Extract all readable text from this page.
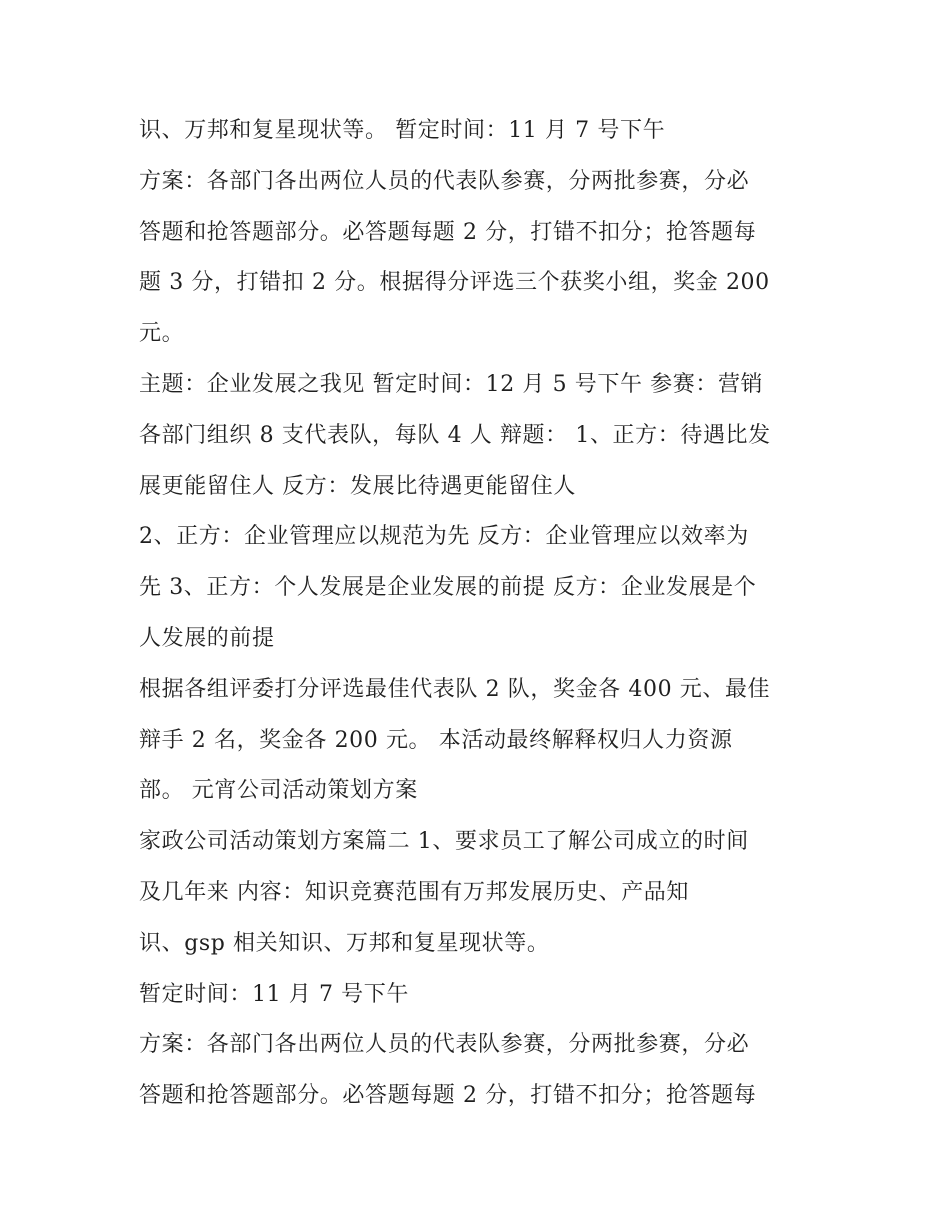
识、万邦和复星现状等。 暂定时间：11 月 7 号下午
方案：各部门各出两位人员的代表队参赛，分两批参赛，分必
答题和抢答题部分。必答题每题 2 分，打错不扣分；抢答题每
题 3 分，打错扣 2 分。根据得分评选三个获奖小组，奖金 200
元。
主题：企业发展之我见 暂定时间：12 月 5 号下午 参赛：营销
各部门组织 8 支代表队，每队 4 人 辩题： 1、正方：待遇比发
展更能留住人 反方：发展比待遇更能留住人
2、正方：企业管理应以规范为先 反方：企业管理应以效率为
先 3、正方：个人发展是企业发展的前提 反方：企业发展是个
人发展的前提
根据各组评委打分评选最佳代表队 2 队，奖金各 400 元、最佳
辩手 2 名，奖金各 200 元。 本活动最终解释权归人力资源
部。 元宵公司活动策划方案
家政公司活动策划方案篇二 1、要求员工了解公司成立的时间
及几年来 内容：知识竞赛范围有万邦发展历史、产品知
识、gsp 相关知识、万邦和复星现状等。
暂定时间：11 月 7 号下午
方案：各部门各出两位人员的代表队参赛，分两批参赛，分必
答题和抢答题部分。必答题每题 2 分，打错不扣分；抢答题每
